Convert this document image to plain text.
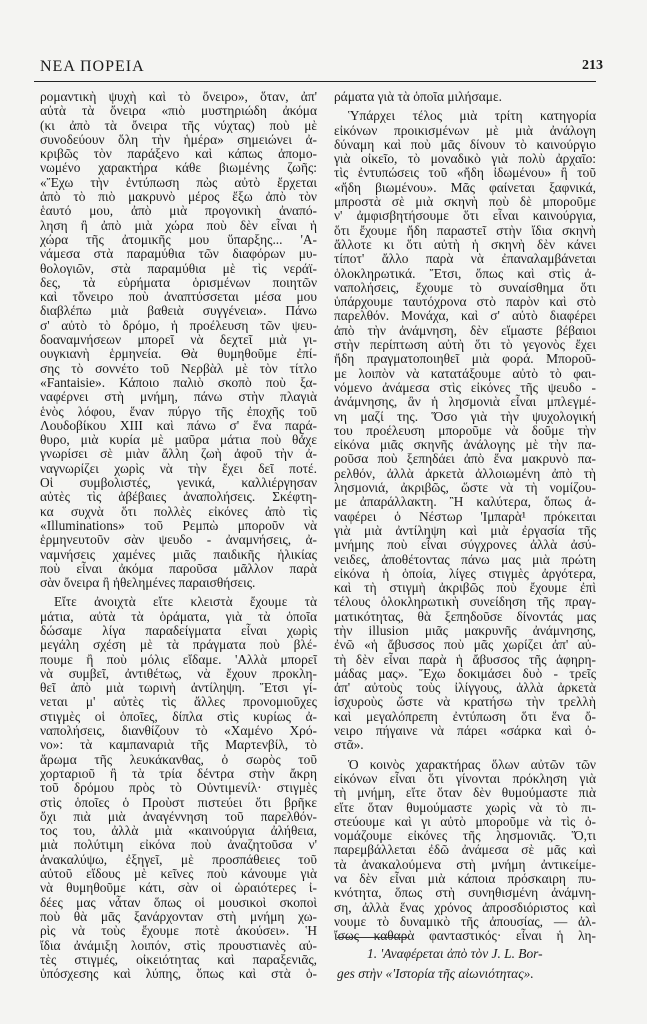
ΝΕΑ ΠΟΡΕΙΑ	213
ρομαντικὴ ψυχὴ καὶ τὸ ὄνειρο», ὅταν, ἀπ'
αὐτὰ τὰ ὄνειρα «πιὸ μυστηριώδη ἀκόμα
(κι ἀπὸ τὰ ὄνειρα τῆς νύχτας) ποὺ μὲ
συνοδεύουν ὅλη τὴν ἡμέρα» σημειώνει ἀ-
κριβῶς τὸν παράξενο καὶ κάπως ἀπομο-
νωμένο χαρακτήρα κάθε βιωμένης ζωῆς:
«Ἔχω τὴν ἐντύπωση πὼς αὐτὸ ἔρχεται
ἀπὸ τὸ πιὸ μακρυνὸ μέρος ἔξω ἀπὸ τὸν
ἑαυτό μου, ἀπὸ μιὰ προγονικὴ ἀναπό-
ληση ἢ ἀπὸ μιὰ χώρα ποὺ δὲν εἶναι ἡ
χώρα τῆς ἀτομικῆς μου ὕπαρξης... 'Α-
νάμεσα στὰ παραμύθια τῶν διαφόρων μυ-
θολογιῶν, στὰ παραμύθια μὲ τὶς νεράϊ-
δες, τὰ εὑρήματα ὁρισμένων ποιητῶν
καὶ τὄνειρο ποὺ ἀναπτύσσεται μέσα μου
διαβλέπω μιὰ βαθειὰ συγγένεια». Πάνω
σ' αὐτὸ τὸ δρόμο, ἡ προέλευση τῶν ψευ-
δοαναμνήσεων μπορεῖ νὰ δεχτεῖ μιὰ γι-
ουγκιανὴ ἑρμηνεία. Θὰ θυμηθοῦμε ἐπί-
σης τὸ σοννέτο τοῦ Νερβὰλ μὲ τὸν τίτλο
«Fantaisie». Κάποιο παλιὸ σκοπὸ ποὺ ξα-
ναφέρνει στὴ μνήμη, πάνω στὴν πλαγιὰ
ἑνὸς λόφου, ἕναν πύργο τῆς ἐποχῆς τοῦ
Λουδοβίκου XIII καὶ πάνω σ' ἕνα παρά-
θυρο, μιὰ κυρία μὲ μαῦρα μάτια ποὺ θἆχε
γνωρίσει σὲ μιὰν ἄλλη ζωὴ ἀφοῦ τὴν ἀ-
ναγνωρίζει χωρὶς νὰ τὴν ἔχει δεῖ ποτέ.
Οἱ συμβολιστές, γενικά, καλλιέργησαν
αὐτὲς τὶς ἀβέβαιες ἀναπολήσεις. Σκέφτη-
κα συχνὰ ὅτι πολλὲς εἰκόνες ἀπὸ τὶς
«Illuminations» τοῦ Ρεμπὼ μποροῦν νὰ
ἑρμηνευτοῦν σὰν ψευδο - ἀναμνήσεις, ἀ-
ναμνήσεις χαμένες μιᾶς παιδικῆς ἡλικίας
ποὺ εἶναι ἀκόμα παροῦσα μᾶλλον παρὰ
σὰν ὄνειρα ἢ ἠθελημένες παραισθήσεις.
Εἴτε ἀνοιχτὰ εἴτε κλειστὰ ἔχουμε τὰ
μάτια, αὐτὰ τὰ ὁράματα, γιὰ τὰ ὁποῖα
δώσαμε λίγα παραδείγματα εἶναι χωρὶς
μεγάλη σχέση μὲ τὰ πράγματα ποὺ βλέ-
πουμε ἢ ποὺ μόλις εἴδαμε. 'Αλλὰ μπορεῖ
νὰ συμβεῖ, ἀντιθέτως, νὰ ἔχουν προκλη-
θεῖ ἀπὸ μιὰ τωρινὴ ἀντίληψη. Ἔτσι γί-
νεται μ' αὐτὲς τὶς ἄλλες προνομιοῦχες
στιγμὲς οἱ ὁποῖες, δίπλα στὶς κυρίως ἀ-
ναπολήσεις, διανθίζουν τὸ «Χαμένο Χρό-
νο»: τὰ καμπαναριὰ τῆς Μαρτενβίλ, τὸ
ἄρωμα τῆς λευκάκανθας, ὁ σωρὸς τοῦ
χορταριοῦ ἢ τὰ τρία δέντρα στὴν ἄκρη
τοῦ δρόμου πρὸς τὸ Οὐντιμενίλ· στιγμὲς
στὶς ὁποῖες ὁ Προὺστ πιστεύει ὅτι βρῆκε
ὄχι πιὰ μιὰ ἀναγέννηση τοῦ παρελθόν-
τος του, ἀλλὰ μιὰ «καινούργια ἀλήθεια,
μιὰ πολύτιμη εἰκόνα ποὺ ἀναζητοῦσα ν'
ἀνακαλύψω, ἐξηγεῖ, μὲ προσπάθειες τοῦ
αὐτοῦ εἴδους μὲ κεῖνες ποὺ κάνουμε γιὰ
νὰ θυμηθοῦμε κάτι, σὰν οἱ ὡραιότερες ἰ-
δέες μας νἆταν ὅπως οἱ μουσικοὶ σκοποὶ
ποὺ θὰ μᾶς ξανάρχονταν στὴ μνήμη χω-
ρὶς νὰ τοὺς ἔχουμε ποτὲ ἀκούσει». Ἡ
ἴδια ἀνάμιξη λοιπόν, στὶς προυστιανὲς αὐ-
τὲς στιγμές, οἰκειότητας καὶ παραξενιᾶς,
ὑπόσχεσης καὶ λύπης, ὅπως καὶ στὰ ὁ-
ράματα γιὰ τὰ ὁποῖα μιλήσαμε.
Ὑπάρχει τέλος μιὰ τρίτη κατηγορία
εἰκόνων προικισμένων μὲ μιὰ ἀνάλογη
δύναμη καὶ ποὺ μᾶς δίνουν τὸ καινούργιο
γιὰ οἰκεῖο, τὸ μοναδικὸ γιὰ πολὺ ἀρχαῖο:
τὶς ἐντυπώσεις τοῦ «ἤδη ἰδωμένου» ἢ τοῦ
«ἤδη βιωμένου». Μᾶς φαίνεται ξαφνικά,
μπροστὰ σὲ μιὰ σκηνὴ ποὺ δὲ μποροῦμε
ν' ἀμφισβητήσουμε ὅτι εἶναι καινούργια,
ὅτι ἔχουμε ἤδη παραστεῖ στὴν ἴδια σκηνὴ
ἄλλοτε κι ὅτι αὐτὴ ἡ σκηνὴ δὲν κάνει
τίποτ' ἄλλο παρὰ νὰ ἐπαναλαμβάνεται
ὁλοκληρωτικά. Ἔτσι, ὅπως καὶ στὶς ἀ-
ναπολήσεις, ἔχουμε τὸ συναίσθημα ὅτι
ὑπάρχουμε ταυτόχρονα στὸ παρὸν καὶ στὸ
παρελθόν. Μονάχα, καὶ σ' αὐτὸ διαφέρει
ἀπὸ τὴν ἀνάμνηση, δὲν εἴμαστε βέβαιοι
στὴν περίπτωση αὐτὴ ὅτι τὸ γεγονὸς ἔχει
ἤδη πραγματοποιηθεῖ μιὰ φορά. Μποροῦ-
με λοιπὸν νὰ κατατάξουμε αὐτὸ τὸ φαι-
νόμενο ἀνάμεσα στὶς εἰκόνες τῆς ψευδο -
ἀνάμνησης, ἂν ἡ λησμονιὰ εἶναι μπλεγμέ-
νη μαζί της. Ὅσο γιὰ τὴν ψυχολογική
του προέλευση μποροῦμε νὰ δοῦμε τὴν
εἰκόνα μιᾶς σκηνῆς ἀνάλογης μὲ τὴν πα-
ροῦσα ποὺ ξεπηδάει ἀπὸ ἕνα μακρυνὸ πα-
ρελθόν, ἀλλὰ ἀρκετὰ ἀλλοιωμένη ἀπὸ τὴ
λησμονιά, ἀκριβῶς, ὥστε νὰ τὴ νομίζου-
με ἀπαράλλακτη. Ἢ καλύτερα, ὅπως ἀ-
ναφέρει ὁ Νέστωρ 'Ιμπαρὰ¹ πρόκειται
γιὰ μιὰ ἀντίληψη καὶ μιὰ ἐργασία τῆς
μνήμης ποὺ εἶναι σύγχρονες ἀλλὰ ἀσύ-
νειδες, ἀποθέτοντας πάνω μας μιὰ πρώτη
εἰκόνα ἡ ὁποία, λίγες στιγμὲς ἀργότερα,
καὶ τὴ στιγμὴ ἀκριβῶς ποὺ ἔχουμε ἐπὶ
τέλους ὁλοκληρωτικὴ συνείδηση τῆς πραγ-
ματικότητας, θὰ ξεπηδοῦσε δίνοντάς μας
τὴν illusion μιᾶς μακρυνῆς ἀνάμνησης,
ἐνῶ «ἡ ἄβυσσος ποὺ μᾶς χωρίζει ἀπ' αὐ-
τὴ δὲν εἶναι παρὰ ἡ ἄβυσσος τῆς ἀφηρη-
μάδας μας». Ἔχω δοκιμάσει δυὸ - τρεῖς
ἀπ' αὐτοὺς τοὺς ἰλίγγους, ἀλλὰ ἀρκετὰ
ἰσχυροὺς ὥστε νὰ κρατήσω τὴν τρελλὴ
καὶ μεγαλόπρεπη ἐντύπωση ὅτι ἕνα ὄ-
νειρο πήγαινε νὰ πάρει «σάρκα καὶ ὀ-
στᾶ».
Ὁ κοινὸς χαρακτήρας ὅλων αὐτῶν τῶν
εἰκόνων εἶναι ὅτι γίνονται πρόκληση γιὰ
τὴ μνήμη, εἴτε ὅταν δὲν θυμούμαστε πιὰ
εἴτε ὅταν θυμούμαστε χωρὶς νὰ τὸ πι-
στεύουμε καὶ γι αὐτὸ μποροῦμε νὰ τὶς ὀ-
νομάζουμε εἰκόνες τῆς λησμονιᾶς. Ὅ,τι
παρεμβάλλεται ἐδῶ ἀνάμεσα σὲ μᾶς καὶ
τὰ ἀνακαλούμενα στὴ μνήμη ἀντικείμε-
να δὲν εἶναι μιὰ κάποια πρόσκαιρη πυ-
κνότητα, ὅπως στὴ συνηθισμένη ἀνάμνη-
ση, ἀλλὰ ἕνας χρόνος ἀπροσδιόριστος καὶ
νουμε τὸ δυναμικὸ τῆς ἀπουσίας, — ἀλ-
ἴσως καθαρὰ φανταστικός· εἶναι ἡ λη-
1. 'Αναφέρεται ἀπὸ τὸν J. L. Bor-
ges στὴν «'Ιστορία τῆς αἰωνιότητας».
